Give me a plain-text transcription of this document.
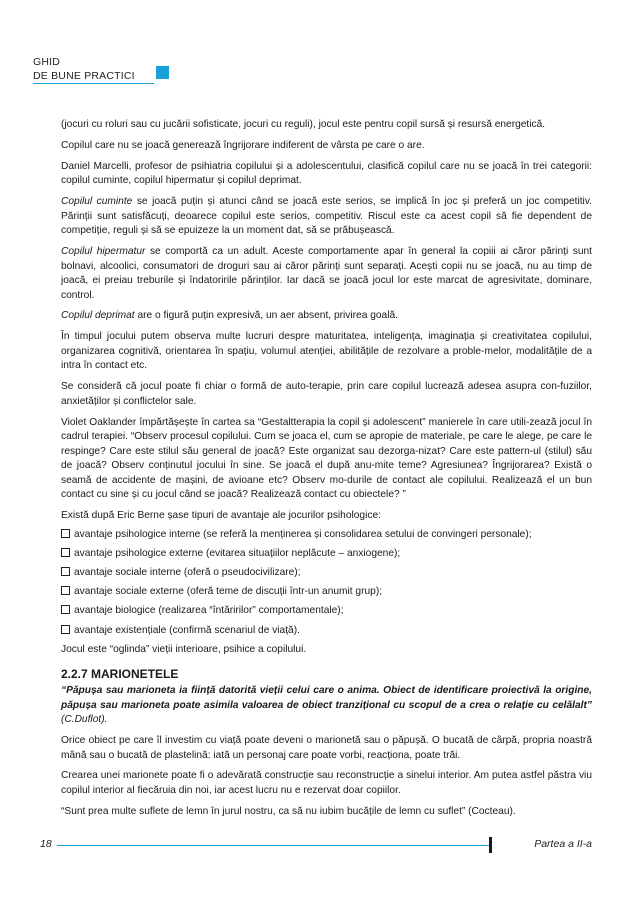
GHID
DE BUNE PRACTICI

(jocuri cu roluri sau cu jucării sofisticate, jocuri cu reguli), jocul este pentru copil sursă și resursă energetică.

Copilul care nu se joacă generează îngrijorare indiferent de vârsta pe care o are.

Daniel Marcelli, profesor de psihiatria copilului și a adolescentului, clasifică copilul care nu se joacă în trei categorii: copilul cuminte, copilul hipermatur și copilul deprimat.

Copilul cuminte se joacă puțin și atunci când se joacă este serios, se implică în joc și preferă un joc competitiv. Părinții sunt satisfăcuți, deoarece copilul este serios, competitiv. Riscul este ca acest copil să fie dependent de competiție, reguli și să se epuizeze la un moment dat, să se prăbușească.

Copilul hipermatur se comportă ca un adult. Aceste comportamente apar în general la copiii ai căror părinți sunt bolnavi, alcoolici, consumatori de droguri sau ai căror părinți sunt separați. Acești copii nu se joacă, nu au timp de joacă, ei preiau treburile și îndatoririle părinților. Iar dacă se joacă jocul lor este marcat de agresivitate, dominare, control.

Copilul deprimat are o figură puțin expresivă, un aer absent, privirea goală.

În timpul jocului putem observa multe lucruri despre maturitatea, inteligența, imaginația și creativitatea copilului, organizarea cognitivă, orientarea în spațiu, volumul atenției, abilitățile de rezolvare a proble-melor, modalitățile de a intra în contact etc.

Se consideră că jocul poate fi chiar o formă de auto-terapie, prin care copilul lucrează adesea asupra con-fuziilor, anxietăților și conflictelor sale.

Violet Oaklander împărtășește în cartea sa “Gestaltterapia la copil și adolescent” manierele în care utili-zează jocul în cadrul terapiei. “Observ procesul copilului. Cum se joaca el, cum se apropie de materiale, pe care le alege, pe care le respinge? Care este stilul său general de joacă? Este organizat sau dezorga-nizat? Care este pattern-ul (stilul) său de joacă? Observ conținutul jocului în sine. Se joacă el după anu-mite teme? Agresiunea? Îngrijorarea? Există o seamă de accidente de mașini, de avioane etc? Observ mo-durile de contact ale copilului. Realizează el un bun contact cu sine și cu jocul când se joacă? Realizează contact cu obiectele? ”

Există după Eric Berne șase tipuri de avantaje ale jocurilor psihologice:

avantaje psihologice interne (se referă la menținerea și consolidarea setului de convingeri personale);

avantaje psihologice externe (evitarea situațiilor neplăcute – anxiogene);

avantaje sociale interne (oferă o pseudocivilizare);

avantaje sociale externe (oferă teme de discuții într-un anumit grup);

avantaje biologice (realizarea “întăririlor” comportamentale);

avantaje existențiale (confirmă scenariul de viață).

Jocul este “oglinda” vieții interioare, psihice a copilului.

2.2.7 MARIONETELE

“Păpușa sau marioneta ia ființă datorită vieții celui care o anima. Obiect de identificare proiectivă la origine, păpușa sau marioneta poate asimila valoarea de obiect tranzițional cu scopul de a crea o relație cu celălalt” (C.Duflot).

Orice obiect pe care îl investim cu viață poate deveni o marionetă sau o păpușă. O bucată de cârpă, propria noastră mână sau o bucată de plastelină: iată un personaj care poate vorbi, reacționa, poate trăi.

Crearea unei marionete poate fi o adevărată construcție sau reconstrucție a sinelui interior. Am putea astfel păstra viu copilul interior al fiecăruia din noi, iar acest lucru nu e rezervat doar copiilor.

“Sunt prea multe suflete de lemn în jurul nostru, ca să nu iubim bucățile de lemn cu suflet” (Cocteau).

18	Partea a II-a
